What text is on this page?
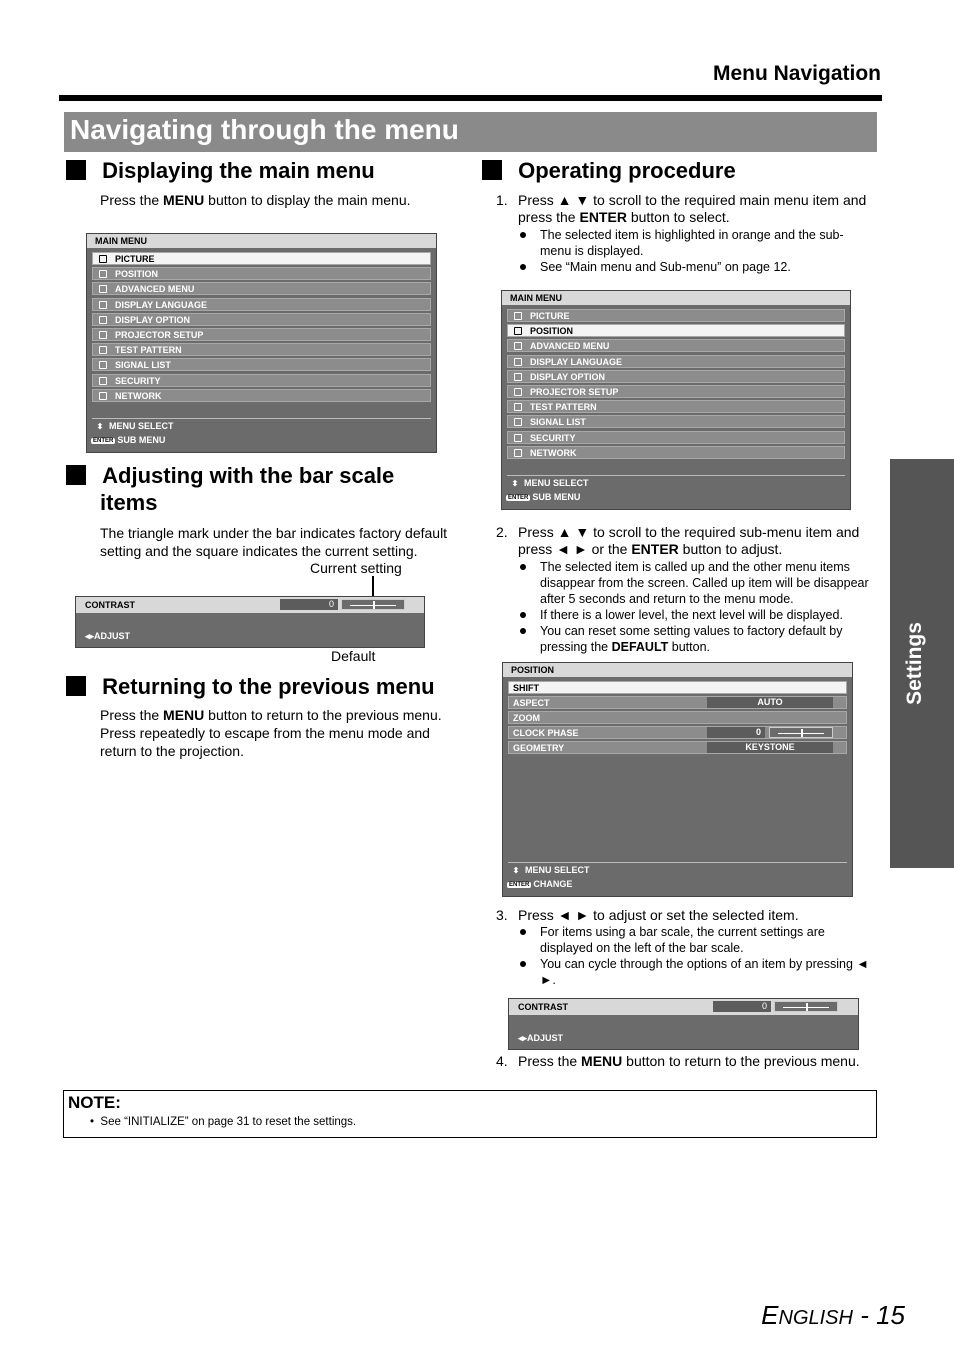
Menu Navigation
Navigating through the menu
Displaying the main menu
Press the MENU button to display the main menu.
MAIN MENU
PICTURE
POSITION
ADVANCED MENU
DISPLAY LANGUAGE
DISPLAY OPTION
PROJECTOR SETUP
TEST PATTERN
SIGNAL LIST
SECURITY
NETWORK
⬍ MENU SELECT
ENTER SUB MENU
Adjusting with the bar scale
items
The triangle mark under the bar indicates factory default setting and the square indicates the current setting.
Current setting
CONTRAST	0
◂▸ADJUST
Default
Returning to the previous menu
Press the MENU button to return to the previous menu. Press repeatedly to escape from the menu mode and return to the projection.
Operating procedure
1. Press ▲ ▼ to scroll to the required main menu item and
press the ENTER button to select.
The selected item is highlighted in orange and the sub-
menu is displayed.
See “Main menu and Sub-menu” on page 12.
MAIN MENU
PICTURE
POSITION
ADVANCED MENU
DISPLAY LANGUAGE
DISPLAY OPTION
PROJECTOR SETUP
TEST PATTERN
SIGNAL LIST
SECURITY
NETWORK
⬍ MENU SELECT
ENTER SUB MENU
2. Press ▲ ▼ to scroll to the required sub-menu item and
press ◄ ► or the ENTER button to adjust.
The selected item is called up and the other menu items disappear from the screen. Called up item will be disappear after 5 seconds and return to the menu mode.
If there is a lower level, the next level will be displayed.
You can reset some setting values to factory default by pressing the DEFAULT button.
POSITION
SHIFT
ASPECT	AUTO
ZOOM
CLOCK PHASE	0
GEOMETRY	KEYSTONE
⬍ MENU SELECT
ENTER CHANGE
3. Press ◄ ► to adjust or set the selected item.
For items using a bar scale, the current settings are displayed on the left of the bar scale.
You can cycle through the options of an item by pressing ◄ ►.
CONTRAST	0
◂▸ADJUST
4. Press the MENU button to return to the previous menu.
Settings
NOTE:
•  See “INITIALIZE” on page 31 to reset the settings.
ENGLISH - 15
